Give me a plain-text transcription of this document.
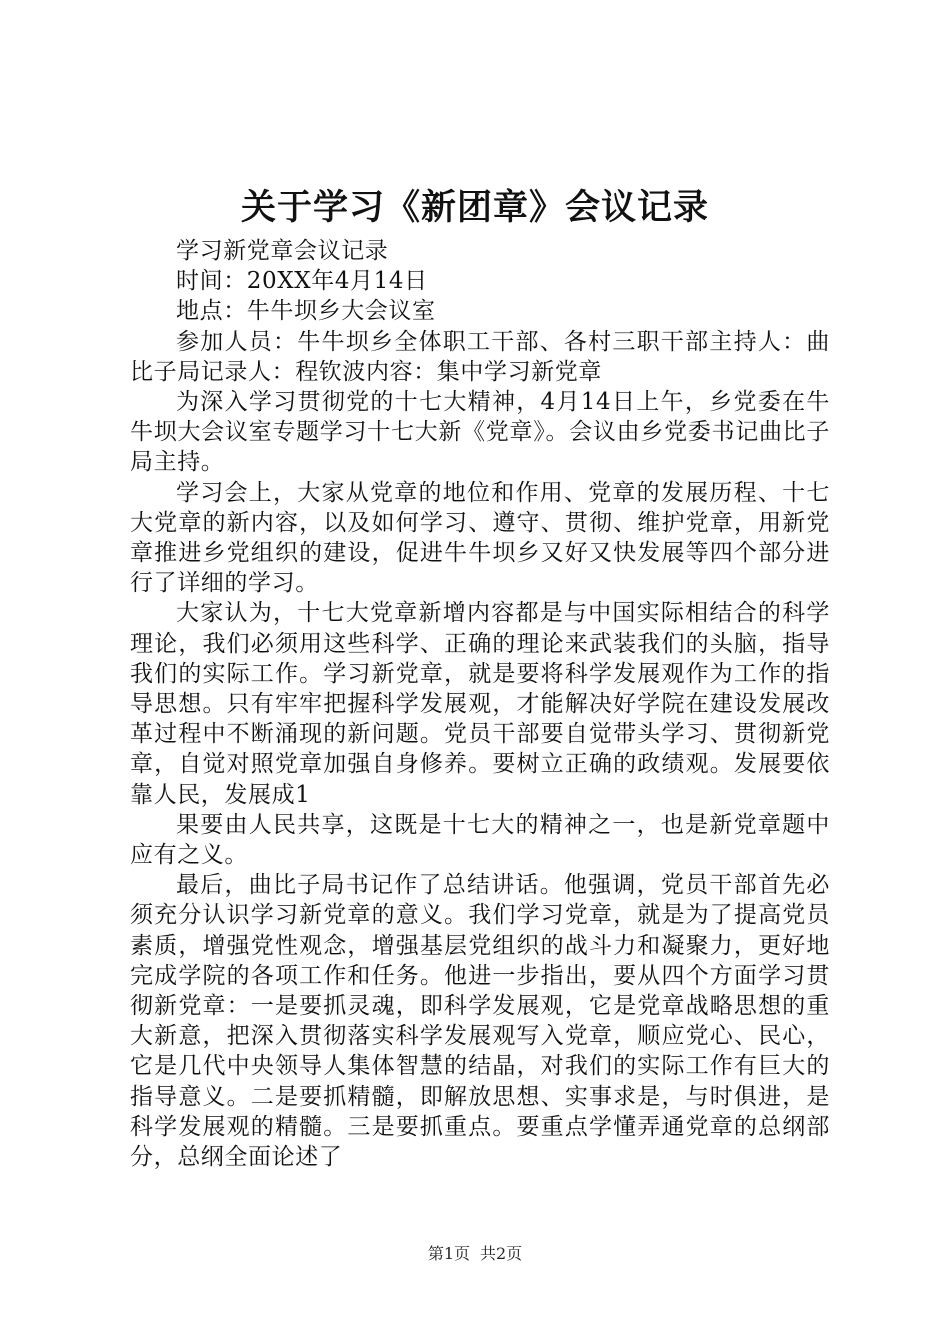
关于学习《新团章》会议记录

学习新党章会议记录

时间：20XX年4月14日

地点：牛牛坝乡大会议室

参加人员：牛牛坝乡全体职工干部、各村三职干部主持人：曲比子局记录人：程钦波内容：集中学习新党章

为深入学习贯彻党的十七大精神，4月14日上午，乡党委在牛牛坝大会议室专题学习十七大新《党章》。会议由乡党委书记曲比子局主持。

学习会上，大家从党章的地位和作用、党章的发展历程、十七大党章的新内容，以及如何学习、遵守、贯彻、维护党章，用新党章推进乡党组织的建设，促进牛牛坝乡又好又快发展等四个部分进行了详细的学习。

大家认为，十七大党章新增内容都是与中国实际相结合的科学理论，我们必须用这些科学、正确的理论来武装我们的头脑，指导我们的实际工作。学习新党章，就是要将科学发展观作为工作的指导思想。只有牢牢把握科学发展观，才能解决好学院在建设发展改革过程中不断涌现的新问题。党员干部要自觉带头学习、贯彻新党章，自觉对照党章加强自身修养。要树立正确的政绩观。发展要依靠人民，发展成1

果要由人民共享，这既是十七大的精神之一，也是新党章题中应有之义。

最后，曲比子局书记作了总结讲话。他强调，党员干部首先必须充分认识学习新党章的意义。我们学习党章，就是为了提高党员素质，增强党性观念，增强基层党组织的战斗力和凝聚力，更好地完成学院的各项工作和任务。他进一步指出，要从四个方面学习贯彻新党章：一是要抓灵魂，即科学发展观，它是党章战略思想的重大新意，把深入贯彻落实科学发展观写入党章，顺应党心、民心，它是几代中央领导人集体智慧的结晶，对我们的实际工作有巨大的指导意义。二是要抓精髓，即解放思想、实事求是，与时俱进，是科学发展观的精髓。三是要抓重点。要重点学懂弄通党章的总纲部分，总纲全面论述了

第1页 共2页
